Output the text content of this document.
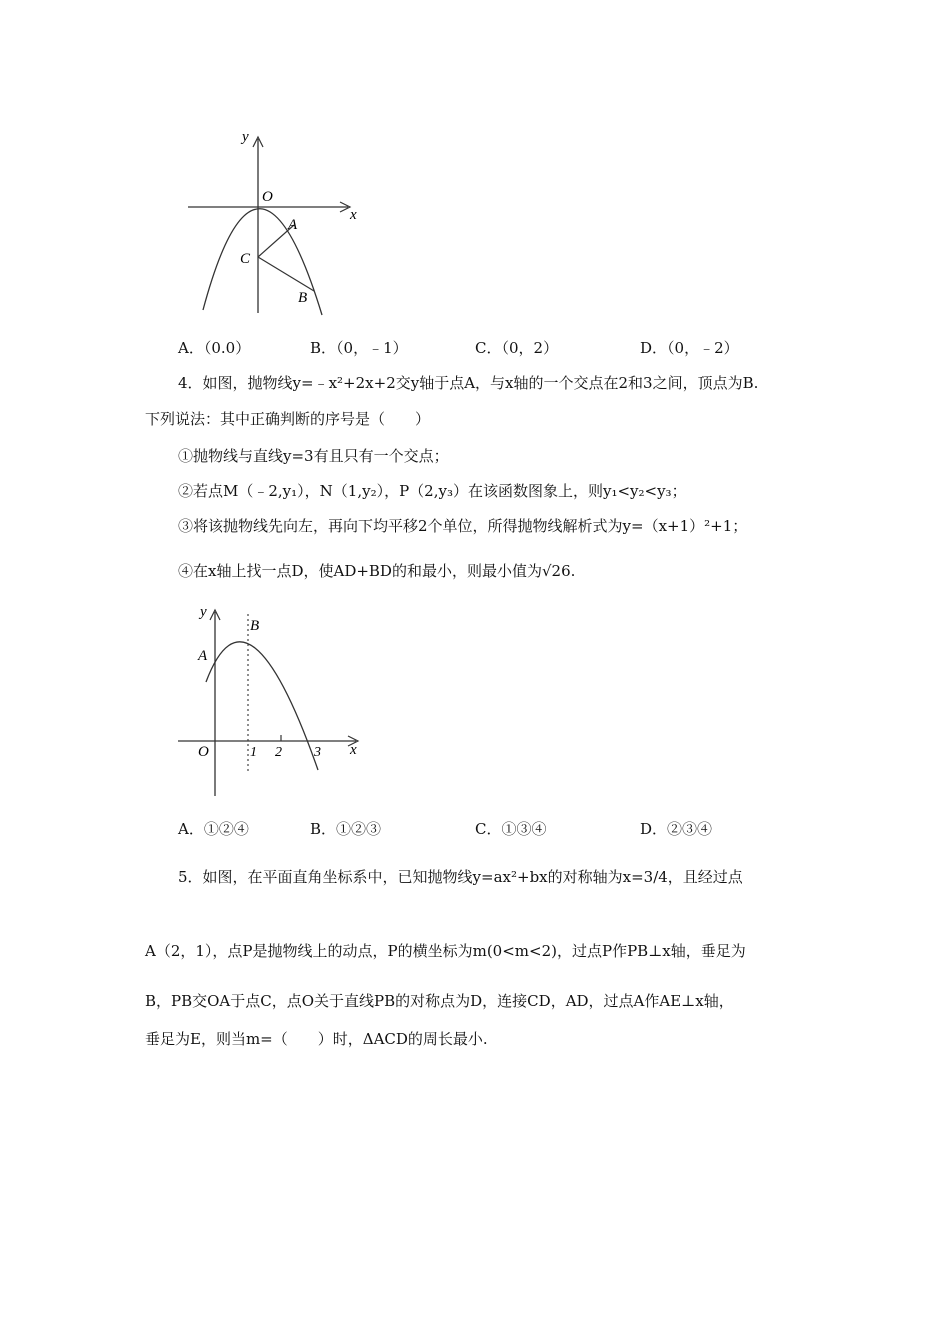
y
x
O
A
C
B
A．（0.0）	B．（0，﹣1）	C．（0，2）	D．（0，﹣2）
4．如图，抛物线y=﹣x²+2x+2交y轴于点A，与x轴的一个交点在2和3之间，顶点为B.
下列说法：其中正确判断的序号是（　　）
①抛物线与直线y=3有且只有一个交点；
②若点M（﹣2,y₁），N（1,y₂），P（2,y₃）在该函数图象上，则y₁<y₂<y₃；
③将该抛物线先向左，再向下均平移2个单位，所得抛物线解析式为y=（x+1）²+1；
④在x轴上找一点D，使AD+BD的和最小，则最小值为√26.
y
x
O
A
B
1 2 3
A．①②④	B．①②③	C．①③④	D．②③④
5．如图，在平面直角坐标系中，已知抛物线y=ax²+bx的对称轴为x=3/4，且经过点
A（2，1），点P是抛物线上的动点，P的横坐标为m(0<m<2)，过点P作PB⊥x轴，垂足为
B，PB交OA于点C，点O关于直线PB的对称点为D，连接CD，AD，过点A作AE⊥x轴，
垂足为E，则当m=（　　）时，ΔACD的周长最小.
